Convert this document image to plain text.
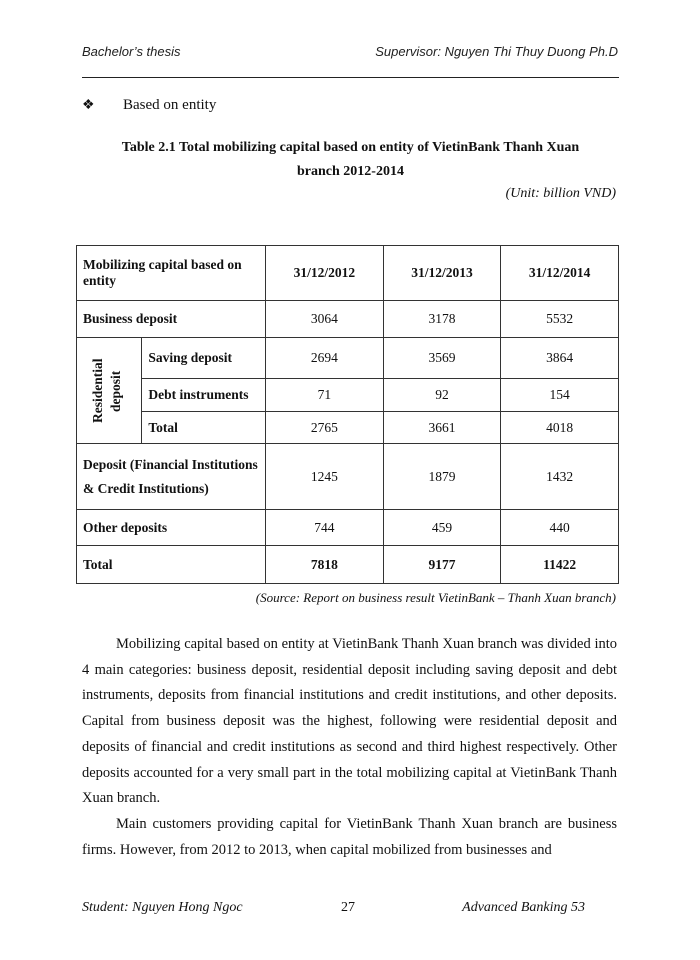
Bachelor’s thesis	Supervisor: Nguyen Thi Thuy Duong Ph.D
❖ Based on entity
Table 2.1 Total mobilizing capital based on entity of VietinBank Thanh Xuan
branch 2012-2014
(Unit: billion VND)
Mobilizing capital based on entity		31/12/2012	31/12/2013	31/12/2014
Business deposit		3064	3178	5532

Residential deposit	Saving deposit	2694	3569	3864
	Debt instruments	71	92	154
	Total	2765	3661	4018
Deposit (Financial Institutions & Credit Institutions)		1245	1879	1432
Other deposits		744	459	440
Total		7818	9177	11422
(Source: Report on business result VietinBank – Thanh Xuan branch)

Mobilizing capital based on entity at VietinBank Thanh Xuan branch was divided into 4 main categories: business deposit, residential deposit including saving deposit and debt instruments, deposits from financial institutions and credit institutions, and other deposits. Capital from business deposit was the highest, following were residential deposit and deposits of financial and credit institutions as second and third highest respectively. Other deposits accounted for a very small part in the total mobilizing capital at VietinBank Thanh Xuan branch.

Main customers providing capital for VietinBank Thanh Xuan branch are business firms. However, from 2012 to 2013, when capital mobilized from businesses and

Student: Nguyen Hong Ngoc	27	Advanced Banking 53
